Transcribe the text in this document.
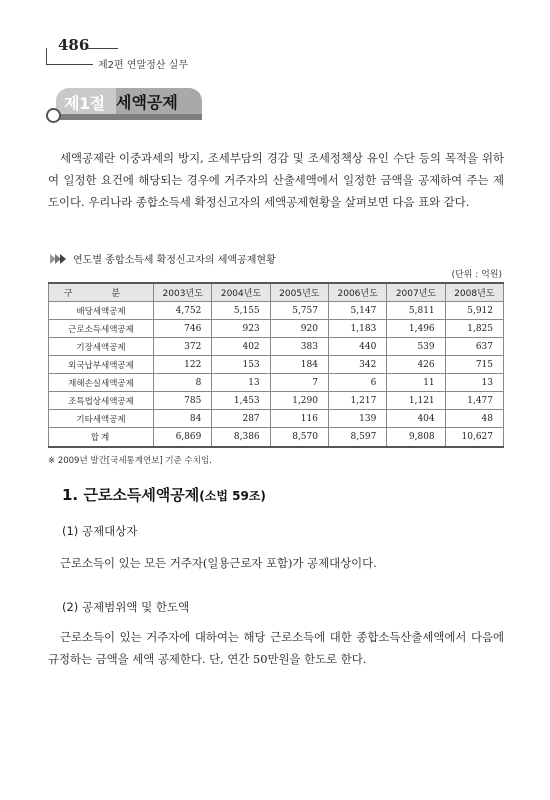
486
제2편 연말정산 실무
제1절 세액공제

세액공제란 이중과세의 방지, 조세부담의 경감 및 조세정책상 유인 수단 등의 목적을 위하여 일정한 요건에 해당되는 경우에 거주자의 산출세액에서 일정한 금액을 공제하여 주는 제도이다. 우리나라 종합소득세 확정신고자의 세액공제현황을 살펴보면 다음 표와 같다.

연도별 종합소득세 확정신고자의 세액공제현황
(단위 : 억원)
구 분	2003년도	2004년도	2005년도	2006년도	2007년도	2008년도
배당세액공제	4,752	5,155	5,757	5,147	5,811	5,912
근로소득세액공제	746	923	920	1,183	1,496	1,825
기장세액공제	372	402	383	440	539	637
외국납부세액공제	122	153	184	342	426	715
재해손실세액공제	8	13	7	6	11	13
조특법상세액공제	785	1,453	1,290	1,217	1,121	1,477
기타세액공제	84	287	116	139	404	48
합계	6,869	8,386	8,570	8,597	9,808	10,627
※ 2009년 발간[국세통계연보] 기준 수치임.
1. 근로소득세액공제(소법 59조)
(1) 공제대상자

근로소득이 있는 모든 거주자(일용근로자 포함)가 공제대상이다.

(2) 공제범위액 및 한도액

근로소득이 있는 거주자에 대하여는 해당 근로소득에 대한 종합소득산출세액에서 다음에 규정하는 금액을 세액 공제한다. 단, 연간 50만원을 한도로 한다.
